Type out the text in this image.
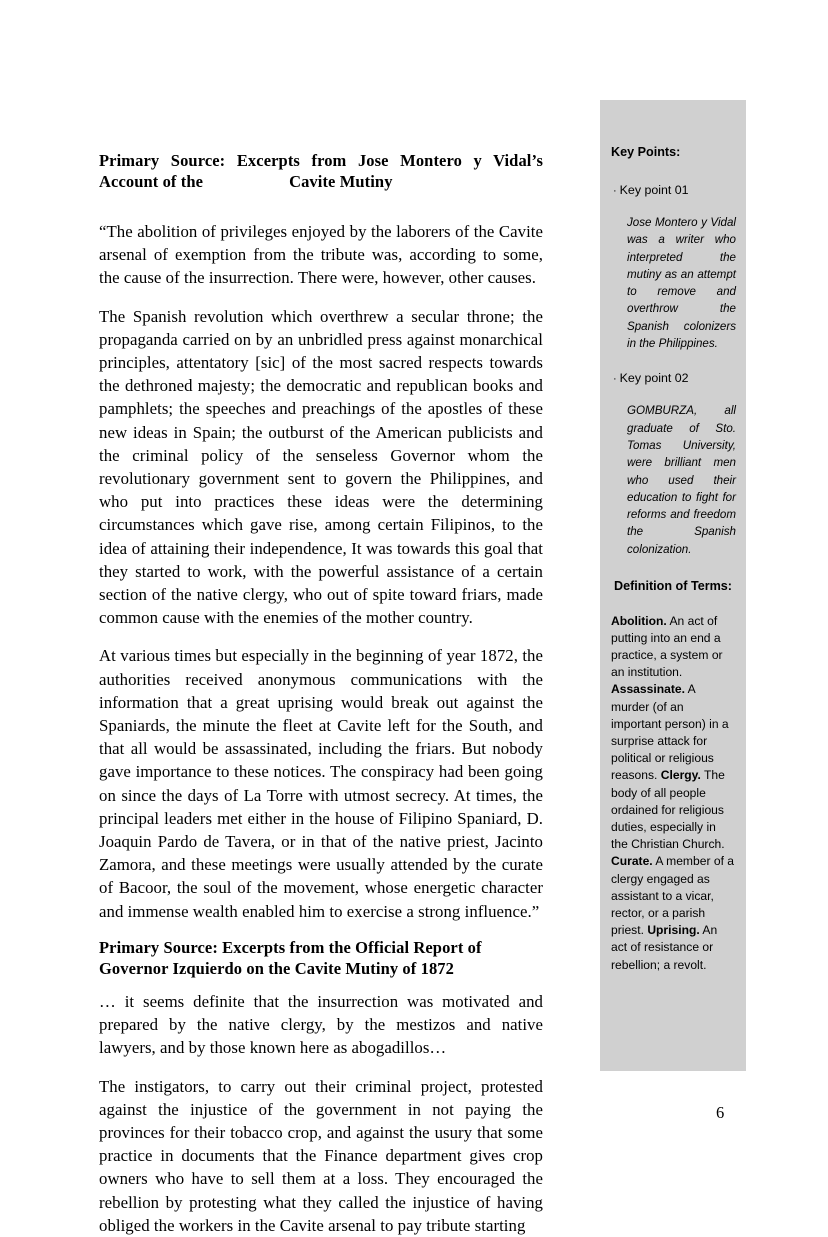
Primary Source: Excerpts from Jose Montero y Vidal’s
Account of the	Cavite Mutiny

“The abolition of privileges enjoyed by the laborers of the Cavite arsenal of exemption from the tribute was, according to some, the cause of the insurrection. There were, however, other causes.

The Spanish revolution which overthrew a secular throne; the propaganda carried on by an unbridled press against monarchical principles, attentatory [sic] of the most sacred respects towards the dethroned majesty; the democratic and republican books and pamphlets; the speeches and preachings of the apostles of these new ideas in Spain; the outburst of the American publicists and the criminal policy of the senseless Governor whom the revolutionary government sent to govern the Philippines, and who put into practices these ideas were the determining circumstances which gave rise, among certain Filipinos, to the idea of attaining their independence, It was towards this goal that they started to work, with the powerful assistance of a certain section of the native clergy, who out of spite toward friars, made common cause with the enemies of the mother country.

At various times but especially in the beginning of year 1872, the authorities received anonymous communications with the information that a great uprising would break out against the Spaniards, the minute the fleet at Cavite left for the South, and that all would be assassinated, including the friars. But nobody gave importance to these notices. The conspiracy had been going on since the days of La Torre with utmost secrecy. At times, the principal leaders met either in the house of Filipino Spaniard, D. Joaquin Pardo de Tavera, or in that of the native priest, Jacinto Zamora, and these meetings were usually attended by the curate of Bacoor, the soul of the movement, whose energetic character and immense wealth enabled him to exercise a strong influence.”

Primary Source: Excerpts from the Official Report of Governor Izquierdo on the Cavite Mutiny of 1872

… it seems definite that the insurrection was motivated and prepared by the native clergy, by the mestizos and native lawyers, and by those known here as abogadillos…

The instigators, to carry out their criminal project, protested against the injustice of the government in not paying the provinces for their tobacco crop, and against the usury that some practice in documents that the Finance department gives crop owners who have to sell them at a loss. They encouraged the rebellion by protesting what they called the injustice of having obliged the workers in the Cavite arsenal to pay tribute starting

Key Points:
· Key point 01
Jose Montero y Vidal was a writer who interpreted the mutiny as an attempt to remove and overthrow the Spanish colonizers in the Philippines.
· Key point 02
GOMBURZA, all graduate of Sto. Tomas University, were brilliant men who used their education to fight for reforms and freedom the Spanish colonization.
Definition of Terms:
Abolition. An act of putting into an end a practice, a system or an institution. Assassinate. A murder (of an important person) in a surprise attack for political or religious reasons. Clergy. The body of all people ordained for religious duties, especially in the Christian Church. Curate. A member of a clergy engaged as assistant to a vicar, rector, or a parish priest. Uprising. An act of resistance or rebellion; a revolt.
6
